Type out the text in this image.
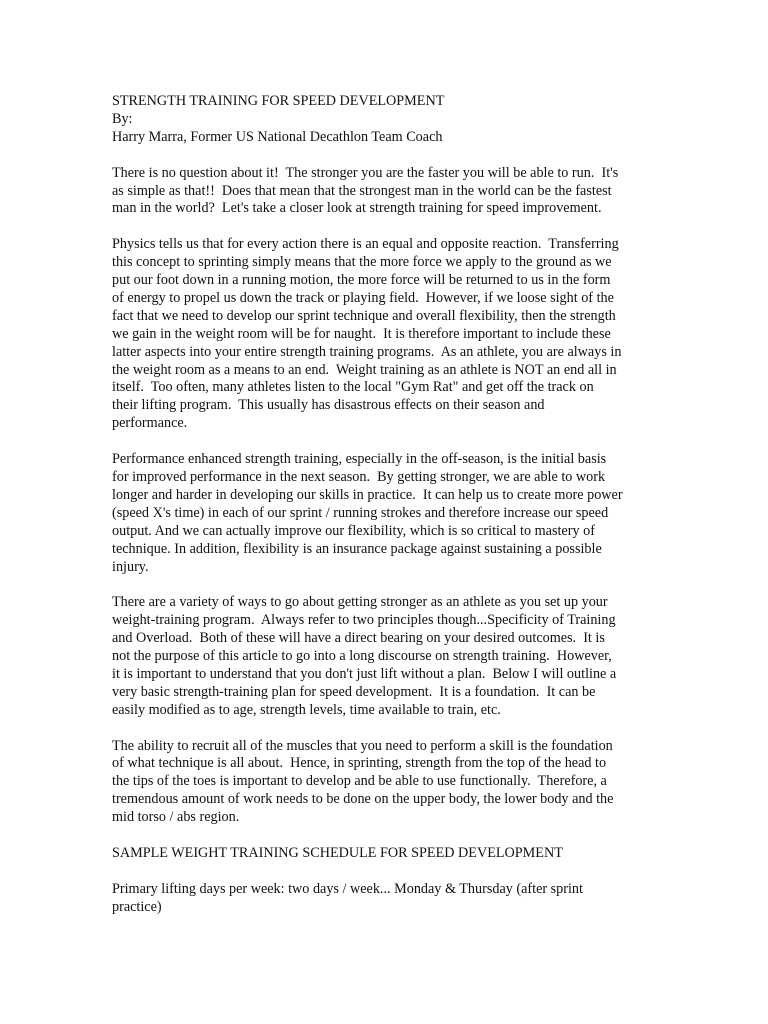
STRENGTH TRAINING FOR SPEED DEVELOPMENT
By:
Harry Marra, Former US National Decathlon Team Coach
There is no question about it!  The stronger you are the faster you will be able to run.  It's
as simple as that!!  Does that mean that the strongest man in the world can be the fastest
man in the world?  Let's take a closer look at strength training for speed improvement.
Physics tells us that for every action there is an equal and opposite reaction.  Transferring
this concept to sprinting simply means that the more force we apply to the ground as we
put our foot down in a running motion, the more force will be returned to us in the form
of energy to propel us down the track or playing field.  However, if we loose sight of the
fact that we need to develop our sprint technique and overall flexibility, then the strength
we gain in the weight room will be for naught.  It is therefore important to include these
latter aspects into your entire strength training programs.  As an athlete, you are always in
the weight room as a means to an end.  Weight training as an athlete is NOT an end all in
itself.  Too often, many athletes listen to the local "Gym Rat" and get off the track on
their lifting program.  This usually has disastrous effects on their season and
performance.
Performance enhanced strength training, especially in the off-season, is the initial basis
for improved performance in the next season.  By getting stronger, we are able to work
longer and harder in developing our skills in practice.  It can help us to create more power
(speed X's time) in each of our sprint / running strokes and therefore increase our speed
output. And we can actually improve our flexibility, which is so critical to mastery of
technique. In addition, flexibility is an insurance package against sustaining a possible
injury.
There are a variety of ways to go about getting stronger as an athlete as you set up your
weight-training program.  Always refer to two principles though...Specificity of Training
and Overload.  Both of these will have a direct bearing on your desired outcomes.  It is
not the purpose of this article to go into a long discourse on strength training.  However,
it is important to understand that you don't just lift without a plan.  Below I will outline a
very basic strength-training plan for speed development.  It is a foundation.  It can be
easily modified as to age, strength levels, time available to train, etc.
The ability to recruit all of the muscles that you need to perform a skill is the foundation
of what technique is all about.  Hence, in sprinting, strength from the top of the head to
the tips of the toes is important to develop and be able to use functionally.  Therefore, a
tremendous amount of work needs to be done on the upper body, the lower body and the
mid torso / abs region.
SAMPLE WEIGHT TRAINING SCHEDULE FOR SPEED DEVELOPMENT
Primary lifting days per week: two days / week... Monday & Thursday (after sprint
practice)
